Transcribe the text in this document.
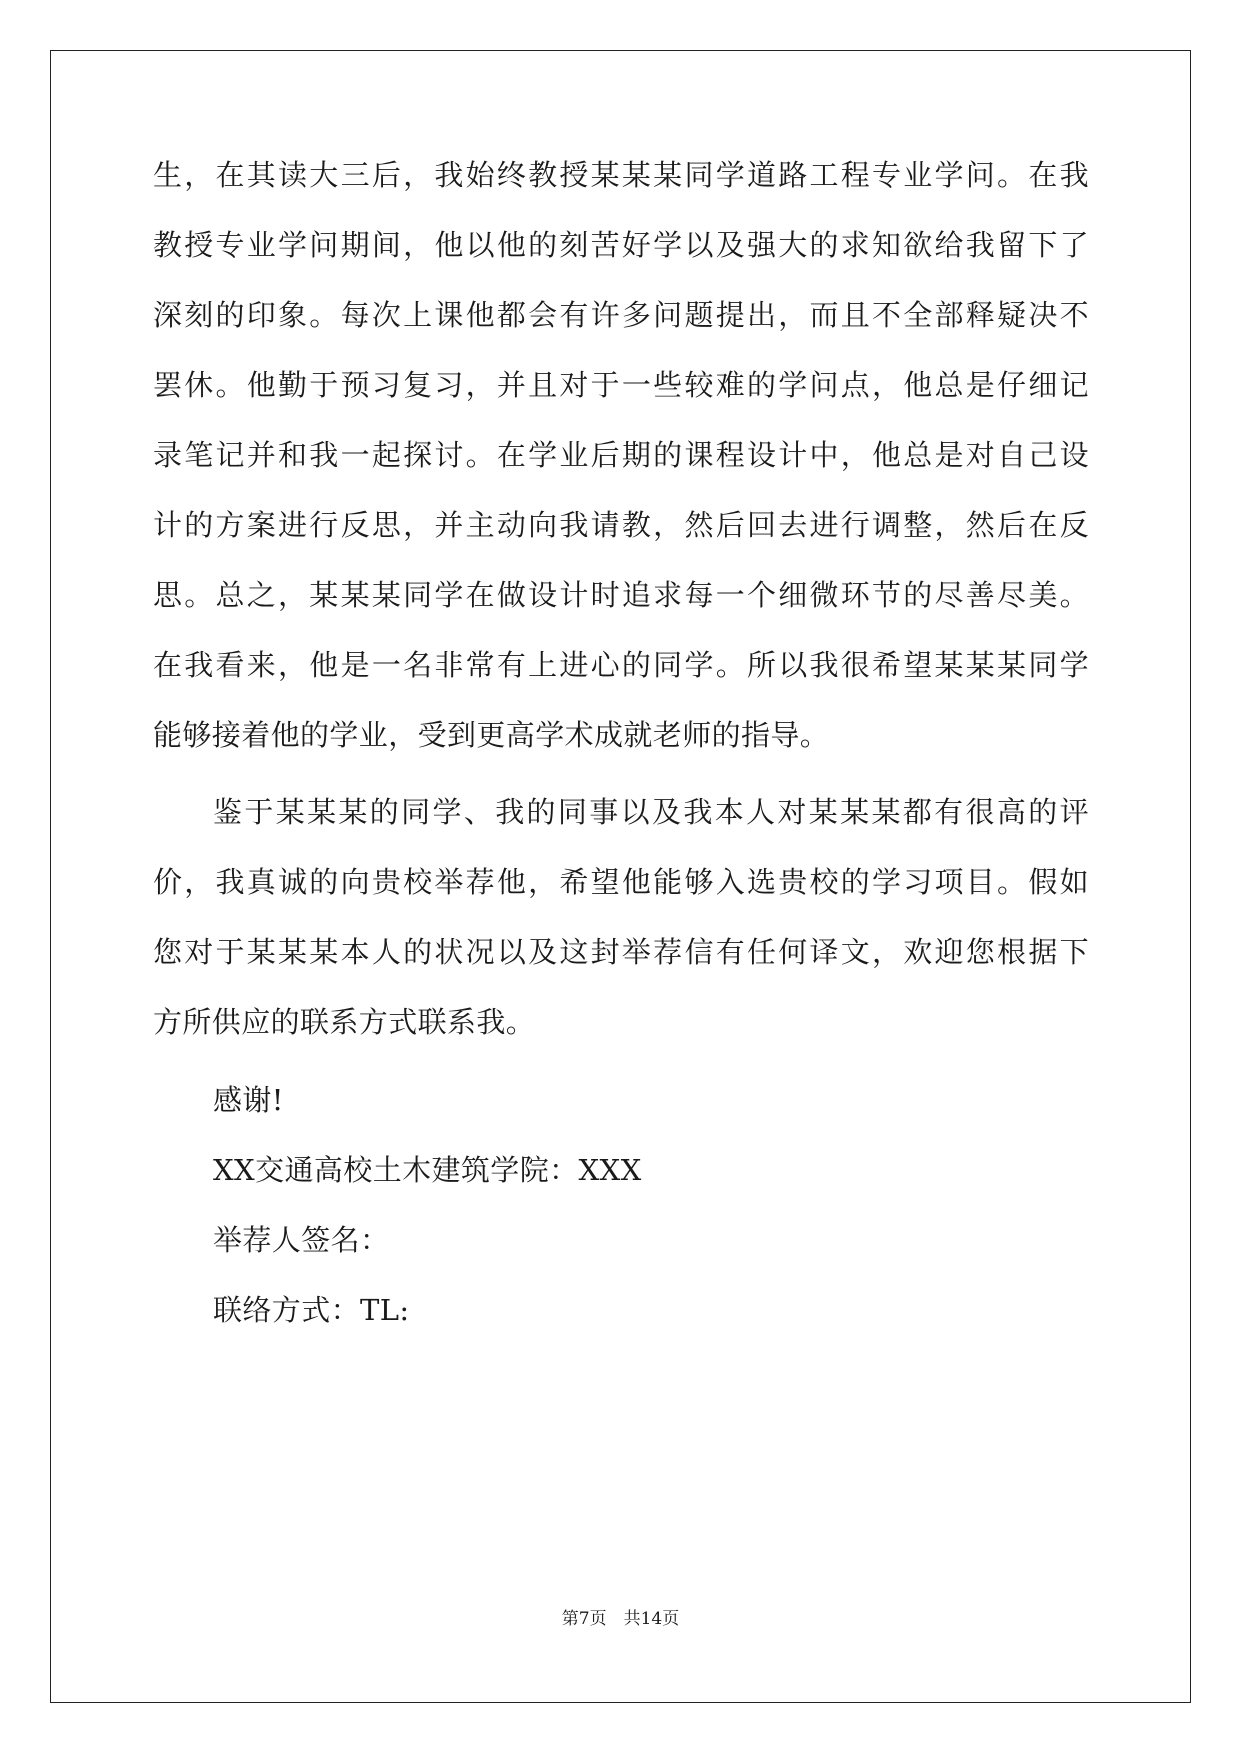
生，在其读大三后，我始终教授某某某同学道路工程专业学问。在我
教授专业学问期间，他以他的刻苦好学以及强大的求知欲给我留下了
深刻的印象。每次上课他都会有许多问题提出，而且不全部释疑决不
罢休。他勤于预习复习，并且对于一些较难的学问点，他总是仔细记
录笔记并和我一起探讨。在学业后期的课程设计中，他总是对自己设
计的方案进行反思，并主动向我请教，然后回去进行调整，然后在反
思。总之，某某某同学在做设计时追求每一个细微环节的尽善尽美。
在我看来，他是一名非常有上进心的同学。所以我很希望某某某同学
能够接着他的学业，受到更高学术成就老师的指导。
鉴于某某某的同学、我的同事以及我本人对某某某都有很高的评
价，我真诚的向贵校举荐他，希望他能够入选贵校的学习项目。假如
您对于某某某本人的状况以及这封举荐信有任何译文，欢迎您根据下
方所供应的联系方式联系我。
感谢!
XX交通高校土木建筑学院：XXX
举荐人签名：
联络方式：TL:
第7页　共14页
